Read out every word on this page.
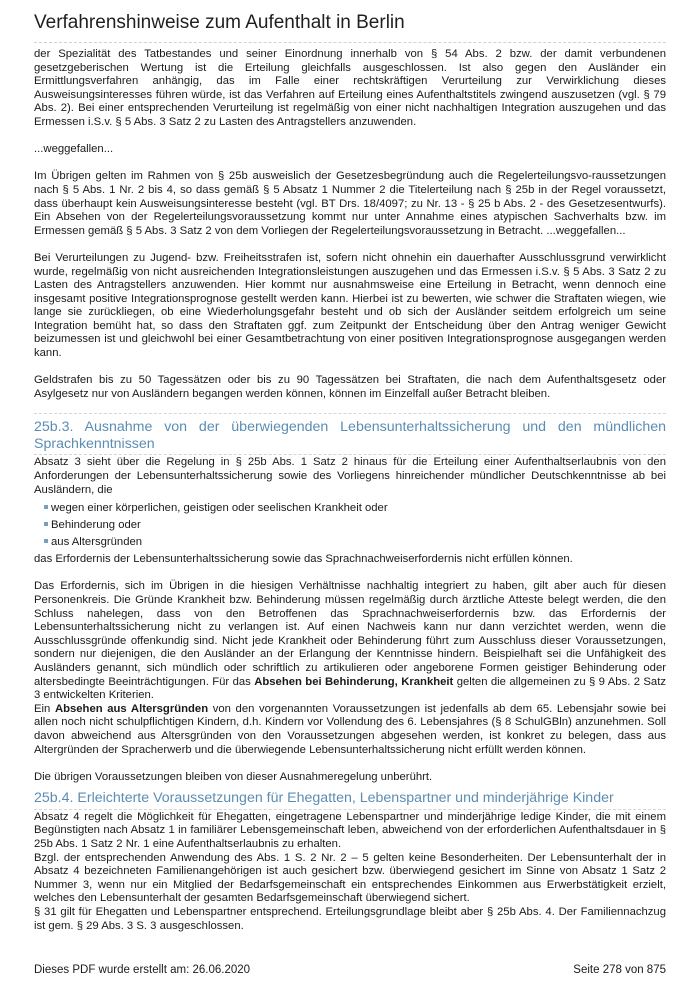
Verfahrenshinweise zum Aufenthalt in Berlin

der Spezialität des Tatbestandes und seiner Einordnung innerhalb von § 54 Abs. 2 bzw. der damit verbundenen gesetzgeberischen Wertung ist die Erteilung gleichfalls ausgeschlossen. Ist also gegen den Ausländer ein Ermittlungsverfahren anhängig, das im Falle einer rechtskräftigen Verurteilung zur Verwirklichung dieses Ausweisungsinteresses führen würde, ist das Verfahren auf Erteilung eines Aufenthaltstitels zwingend auszusetzen (vgl. § 79 Abs. 2). Bei einer entsprechenden Verurteilung ist regelmäßig von einer nicht nachhaltigen Integration auszugehen und das Ermessen i.S.v. § 5 Abs. 3 Satz 2 zu Lasten des Antragstellers anzuwenden.

...weggefallen...

Im Übrigen gelten im Rahmen von § 25b ausweislich der Gesetzesbegründung auch die Regelerteilungsvo-raussetzungen nach § 5 Abs. 1 Nr. 2 bis 4, so dass gemäß § 5 Absatz 1 Nummer 2 die Titelerteilung nach § 25b in der Regel voraussetzt, dass überhaupt kein Ausweisungsinteresse besteht (vgl. BT Drs. 18/4097; zu Nr. 13 - § 25 b Abs. 2 - des Gesetzesentwurfs). Ein Absehen von der Regelerteilungsvoraussetzung kommt nur unter Annahme eines atypischen Sachverhalts bzw. im Ermessen gemäß § 5 Abs. 3 Satz 2 von dem Vorliegen der Regelerteilungsvoraussetzung in Betracht. ...weggefallen...

Bei Verurteilungen zu Jugend- bzw. Freiheitsstrafen ist, sofern nicht ohnehin ein dauerhafter Ausschlussgrund verwirklicht wurde, regelmäßig von nicht ausreichenden Integrationsleistungen auszugehen und das Ermessen i.S.v. § 5 Abs. 3 Satz 2 zu Lasten des Antragstellers anzuwenden. Hier kommt nur ausnahmsweise eine Erteilung in Betracht, wenn dennoch eine insgesamt positive Integrationsprognose gestellt werden kann. Hierbei ist zu bewerten, wie schwer die Straftaten wiegen, wie lange sie zurückliegen, ob eine Wiederholungsgefahr besteht und ob sich der Ausländer seitdem erfolgreich um seine Integration bemüht hat, so dass den Straftaten ggf. zum Zeitpunkt der Entscheidung über den Antrag weniger Gewicht beizumessen ist und gleichwohl bei einer Gesamtbetrachtung von einer positiven Integrationsprognose ausgegangen werden kann.

Geldstrafen bis zu 50 Tagessätzen oder bis zu 90 Tagessätzen bei Straftaten, die nach dem Aufenthaltsgesetz oder Asylgesetz nur von Ausländern begangen werden können, können im Einzelfall außer Betracht bleiben.

25b.3. Ausnahme von der überwiegenden Lebensunterhaltssicherung und den mündlichen Sprachkenntnissen

Absatz 3 sieht über die Regelung in § 25b Abs. 1 Satz 2 hinaus für die Erteilung einer Aufenthaltserlaubnis von den Anforderungen der Lebensunterhaltssicherung sowie des Vorliegens hinreichender mündlicher Deutschkenntnisse ab bei Ausländern, die

wegen einer körperlichen, geistigen oder seelischen Krankheit oder
Behinderung oder
aus Altersgründen

das Erfordernis der Lebensunterhaltssicherung sowie das Sprachnachweiserfordernis nicht erfüllen können.

Das Erfordernis, sich im Übrigen in die hiesigen Verhältnisse nachhaltig integriert zu haben, gilt aber auch für diesen Personenkreis. Die Gründe Krankheit bzw. Behinderung müssen regelmäßig durch ärztliche Atteste belegt werden, die den Schluss nahelegen, dass von den Betroffenen das Sprachnachweiserfordernis bzw. das Erfordernis der Lebensunterhaltssicherung nicht zu verlangen ist. Auf einen Nachweis kann nur dann verzichtet werden, wenn die Ausschlussgründe offenkundig sind. Nicht jede Krankheit oder Behinderung führt zum Ausschluss dieser Voraussetzungen, sondern nur diejenigen, die den Ausländer an der Erlangung der Kenntnisse hindern. Beispielhaft sei die Unfähigkeit des Ausländers genannt, sich mündlich oder schriftlich zu artikulieren oder angeborene Formen geistiger Behinderung oder altersbedingte Beeinträchtigungen. Für das Absehen bei Behinderung, Krankheit gelten die allgemeinen zu § 9 Abs. 2 Satz 3 entwickelten Kriterien.

Ein Absehen aus Altersgründen von den vorgenannten Voraussetzungen ist jedenfalls ab dem 65. Lebensjahr sowie bei allen noch nicht schulpflichtigen Kindern, d.h. Kindern vor Vollendung des 6. Lebensjahres (§ 8 SchulGBln) anzunehmen. Soll davon abweichend aus Altersgründen von den Voraussetzungen abgesehen werden, ist konkret zu belegen, dass aus Altergründen der Spracherwerb und die überwiegende Lebensunterhaltssicherung nicht erfüllt werden können.

Die übrigen Voraussetzungen bleiben von dieser Ausnahmeregelung unberührt.

25b.4. Erleichterte Voraussetzungen für Ehegatten, Lebenspartner und minderjährige Kinder

Absatz 4 regelt die Möglichkeit für Ehegatten, eingetragene Lebenspartner und minderjährige ledige Kinder, die mit einem Begünstigten nach Absatz 1 in familiärer Lebensgemeinschaft leben, abweichend von der erforderlichen Aufenthaltsdauer in § 25b Abs. 1 Satz 2 Nr. 1 eine Aufenthaltserlaubnis zu erhalten.

Bzgl. der entsprechenden Anwendung des Abs. 1 S. 2 Nr. 2 – 5 gelten keine Besonderheiten. Der Lebensunterhalt der in Absatz 4 bezeichneten Familienangehörigen ist auch gesichert bzw. überwiegend gesichert im Sinne von Absatz 1 Satz 2 Nummer 3, wenn nur ein Mitglied der Bedarfsgemeinschaft ein entsprechendes Einkommen aus Erwerbstätigkeit erzielt, welches den Lebensunterhalt der gesamten Bedarfsgemeinschaft überwiegend sichert.

§ 31 gilt für Ehegatten und Lebenspartner entsprechend. Erteilungsgrundlage bleibt aber § 25b Abs. 4. Der Familiennachzug ist gem. § 29 Abs. 3 S. 3 ausgeschlossen.

Dieses PDF wurde erstellt am: 26.06.2020	Seite 278 von 875
